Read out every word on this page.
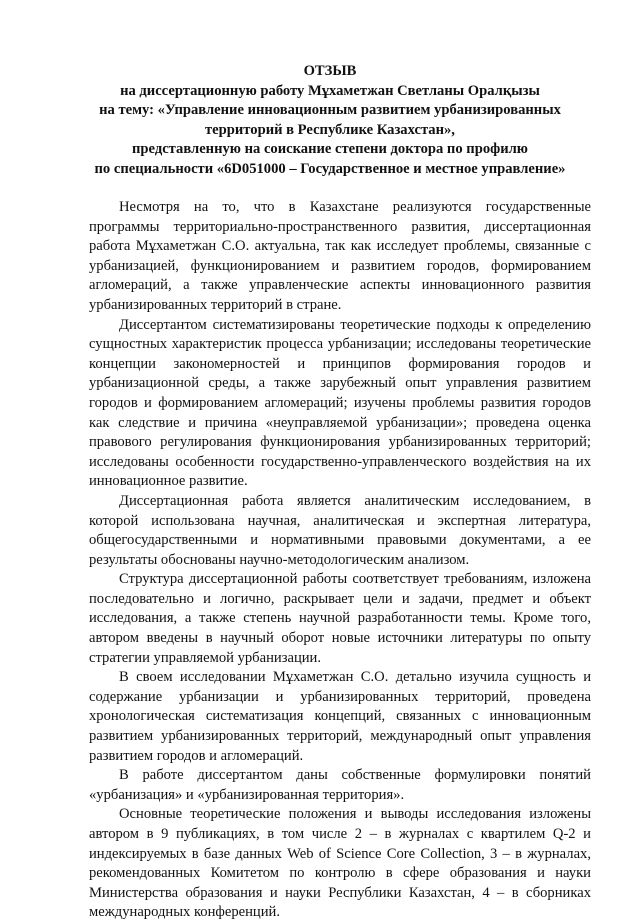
ОТЗЫВ
на диссертационную работу Мұхаметжан Светланы Оралқызы
на тему: «Управление инновационным развитием урбанизированных
территорий в Республике Казахстан»,
представленную на соискание степени доктора по профилю
по специальности «6D051000 – Государственное и местное управление»

Несмотря на то, что в Казахстане реализуются государственные программы территориально-пространственного развития, диссертационная работа Мұхаметжан С.О. актуальна, так как исследует проблемы, связанные с урбанизацией, функционированием и развитием городов, формированием агломераций, а также управленческие аспекты инновационного развития урбанизированных территорий в стране.

Диссертантом систематизированы теоретические подходы к определению сущностных характеристик процесса урбанизации; исследованы теоретические концепции закономерностей и принципов формирования городов и урбанизационной среды, а также зарубежный опыт управления развитием городов и формированием агломераций; изучены проблемы развития городов как следствие и причина «неуправляемой урбанизации»; проведена оценка правового регулирования функционирования урбанизированных территорий; исследованы особенности государственно-управленческого воздействия на их инновационное развитие.

Диссертационная работа является аналитическим исследованием, в которой использована научная, аналитическая и экспертная литература, общегосударственными и нормативными правовыми документами, а ее результаты обоснованы научно-методологическим анализом.

Структура диссертационной работы соответствует требованиям, изложена последовательно и логично, раскрывает цели и задачи, предмет и объект исследования, а также степень научной разработанности темы. Кроме того, автором введены в научный оборот новые источники литературы по опыту стратегии управляемой урбанизации.

В своем исследовании Мұхаметжан С.О. детально изучила сущность и содержание урбанизации и урбанизированных территорий, проведена хронологическая систематизация концепций, связанных с инновационным развитием урбанизированных территорий, международный опыт управления развитием городов и агломераций.

В работе диссертантом даны собственные формулировки понятий «урбанизация» и «урбанизированная территория».

Основные теоретические положения и выводы исследования изложены автором в 9 публикациях, в том числе 2 – в журналах с квартилем Q-2 и индексируемых в базе данных Web of Science Core Collection, 3 – в журналах, рекомендованных Комитетом по контролю в сфере образования и науки Министерства образования и науки Республики Казахстан, 4 – в сборниках международных конференций.
